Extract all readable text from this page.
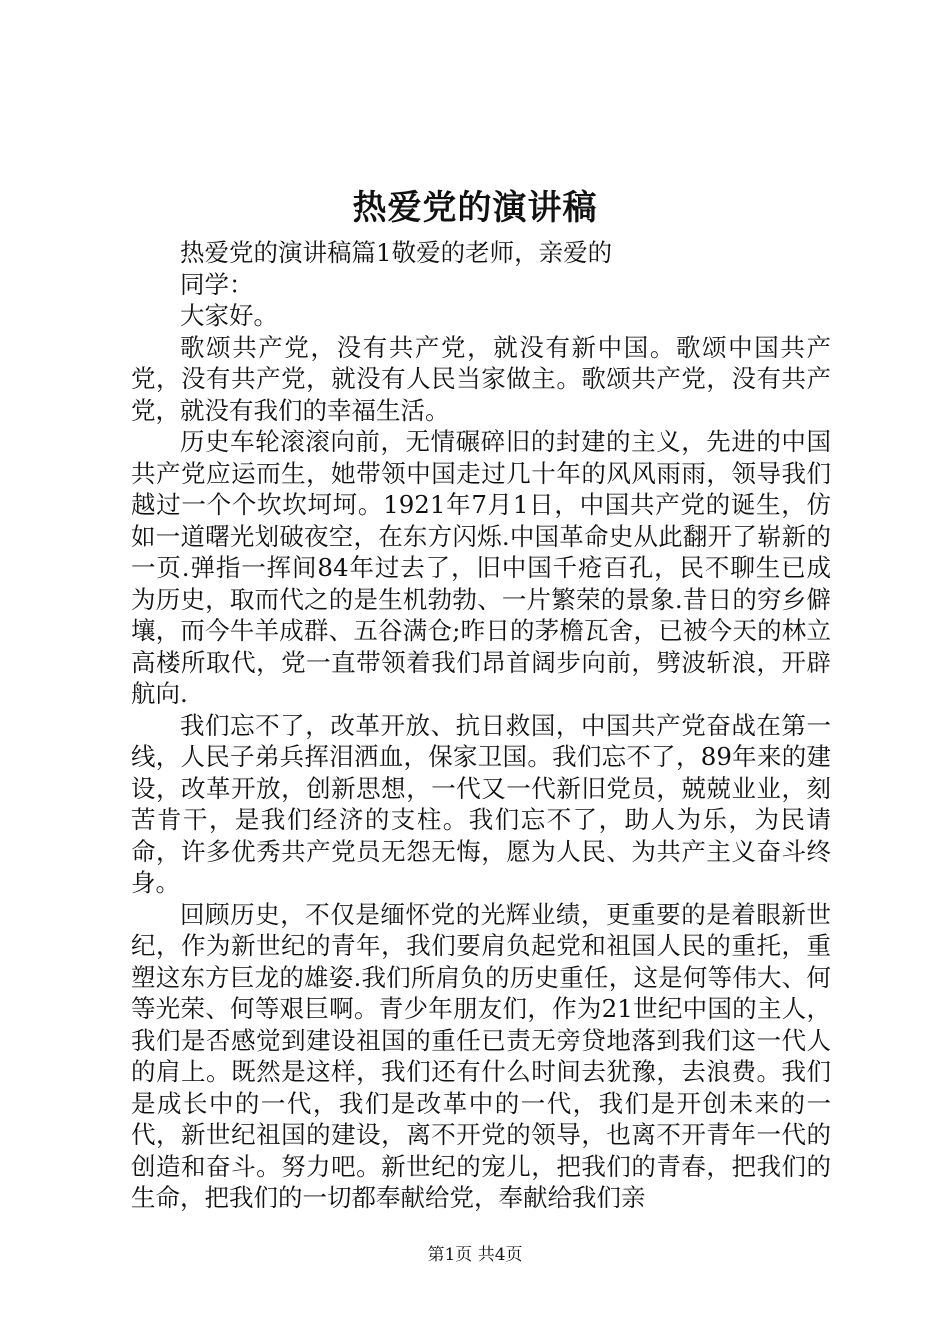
热爱党的演讲稿

热爱党的演讲稿篇1敬爱的老师，亲爱的

同学：

大家好。

歌颂共产党，没有共产党，就没有新中国。歌颂中国共产党，没有共产党，就没有人民当家做主。歌颂共产党，没有共产党，就没有我们的幸福生活。

历史车轮滚滚向前，无情碾碎旧的封建的主义，先进的中国共产党应运而生，她带领中国走过几十年的风风雨雨，领导我们越过一个个坎坎坷坷。1921年7月1日，中国共产党的诞生，仿如一道曙光划破夜空，在东方闪烁.中国革命史从此翻开了崭新的一页.弹指一挥间84年过去了，旧中国千疮百孔，民不聊生已成为历史，取而代之的是生机勃勃、一片繁荣的景象.昔日的穷乡僻壤，而今牛羊成群、五谷满仓;昨日的茅檐瓦舍，已被今天的林立高楼所取代，党一直带领着我们昂首阔步向前，劈波斩浪，开辟航向.

我们忘不了，改革开放、抗日救国，中国共产党奋战在第一线，人民子弟兵挥泪洒血，保家卫国。我们忘不了，89年来的建设，改革开放，创新思想，一代又一代新旧党员，兢兢业业，刻苦肯干，是我们经济的支柱。我们忘不了，助人为乐，为民请命，许多优秀共产党员无怨无悔，愿为人民、为共产主义奋斗终身。

回顾历史，不仅是缅怀党的光辉业绩，更重要的是着眼新世纪，作为新世纪的青年，我们要肩负起党和祖国人民的重托，重塑这东方巨龙的雄姿.我们所肩负的历史重任，这是何等伟大、何等光荣、何等艰巨啊。青少年朋友们，作为21世纪中国的主人，我们是否感觉到建设祖国的重任已责无旁贷地落到我们这一代人的肩上。既然是这样，我们还有什么时间去犹豫，去浪费。我们是成长中的一代，我们是改革中的一代，我们是开创未来的一代，新世纪祖国的建设，离不开党的领导，也离不开青年一代的创造和奋斗。努力吧。新世纪的宠儿，把我们的青春，把我们的生命，把我们的一切都奉献给党，奉献给我们亲

第1页 共4页
